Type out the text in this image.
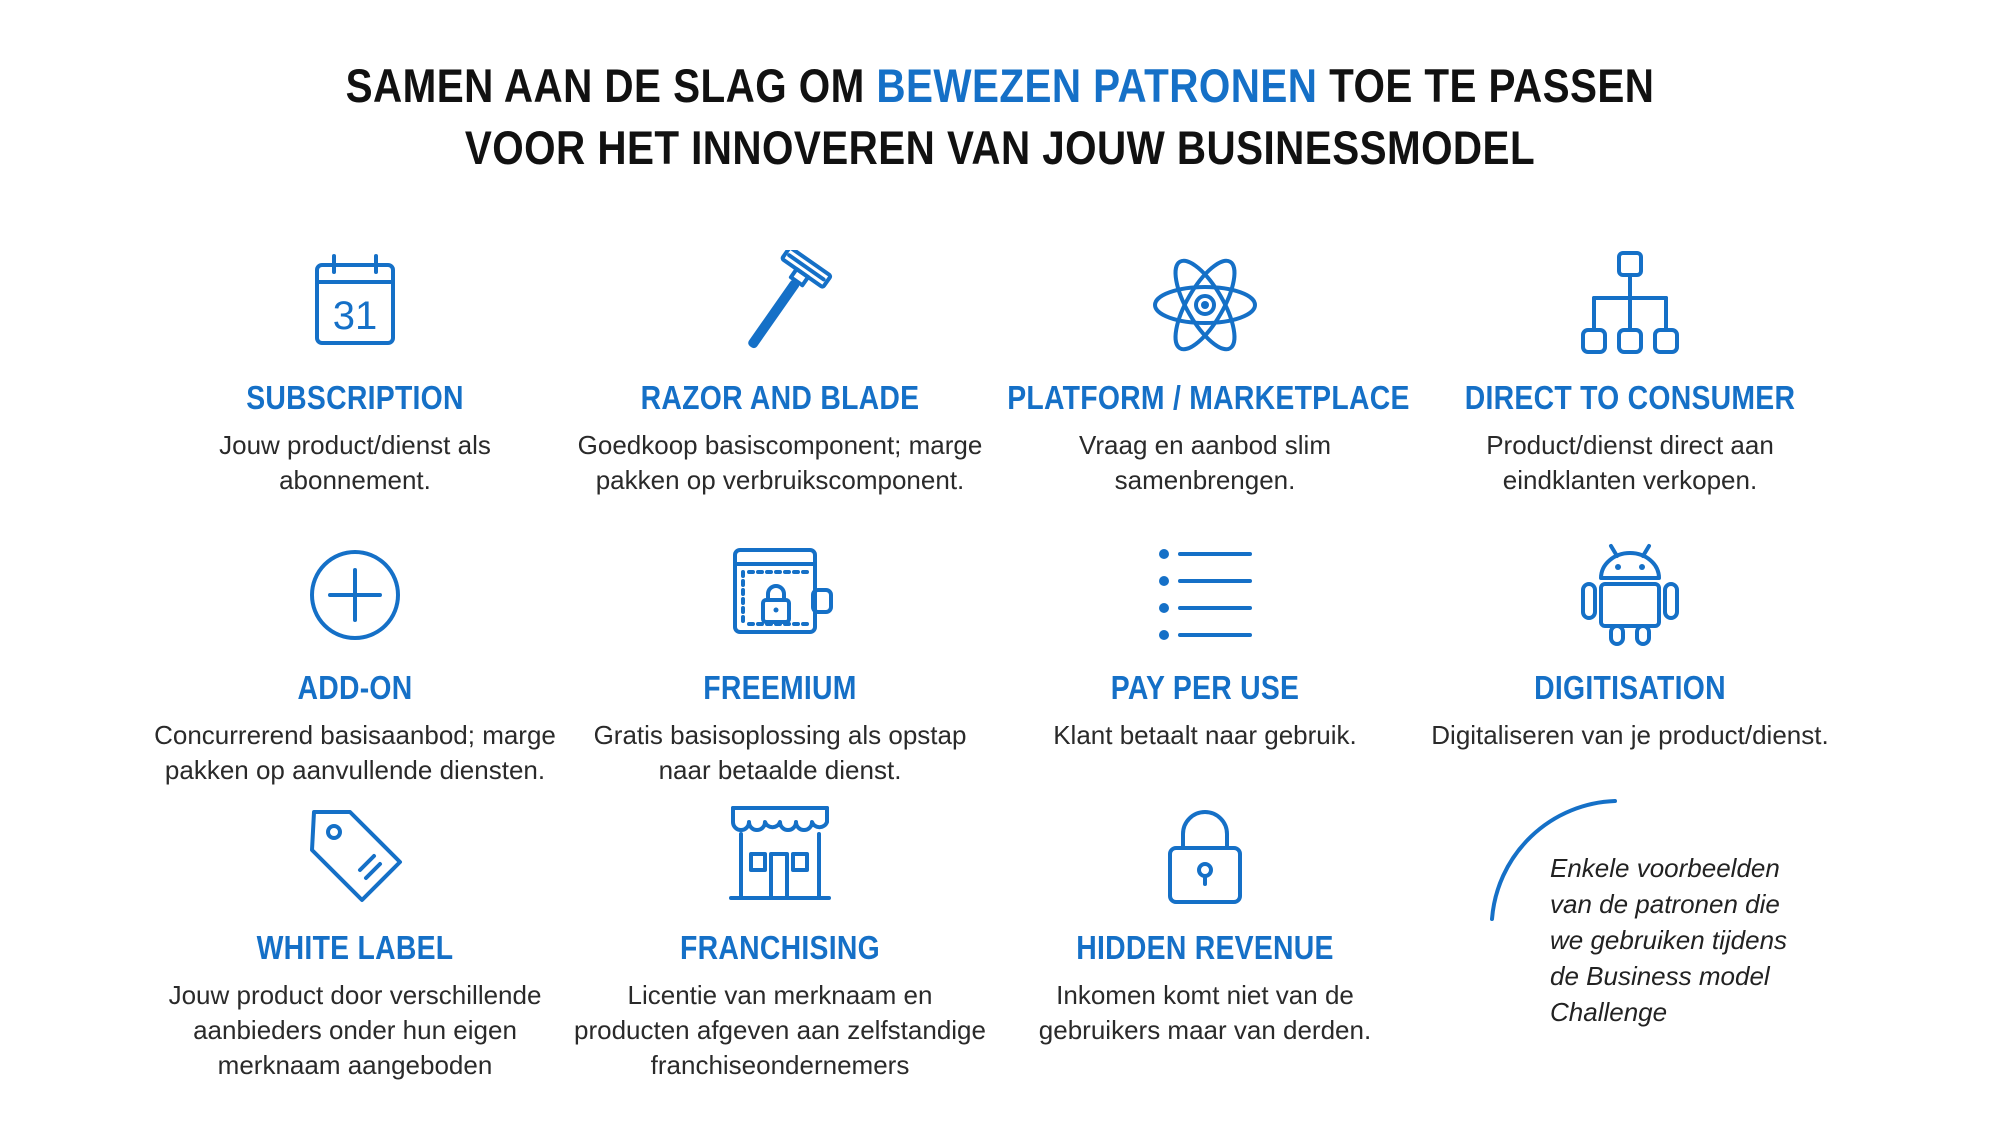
SAMEN AAN DE SLAG OM BEWEZEN PATRONEN TOE TE PASSEN
VOOR HET INNOVEREN VAN JOUW BUSINESSMODEL
31
SUBSCRIPTION
Jouw product/dienst als abonnement.
RAZOR AND BLADE
Goedkoop basiscomponent; marge pakken op verbruikscomponent.
PLATFORM / MARKETPLACE
Vraag en aanbod slim samenbrengen.
DIRECT TO CONSUMER
Product/dienst direct aan eindklanten verkopen.
ADD-ON
Concurrerend basisaanbod; marge pakken op aanvullende diensten.
FREEMIUM
Gratis basisoplossing als opstap naar betaalde dienst.
PAY PER USE
Klant betaalt naar gebruik.
DIGITISATION
Digitaliseren van je product/dienst.
WHITE LABEL
Jouw product door verschillende aanbieders onder hun eigen merknaam aangeboden
FRANCHISING
Licentie van merknaam en producten afgeven aan zelfstandige franchiseondernemers
HIDDEN REVENUE
Inkomen komt niet van de gebruikers maar van derden.
Enkele voorbeelden van de patronen die we gebruiken tijdens de Business model Challenge
